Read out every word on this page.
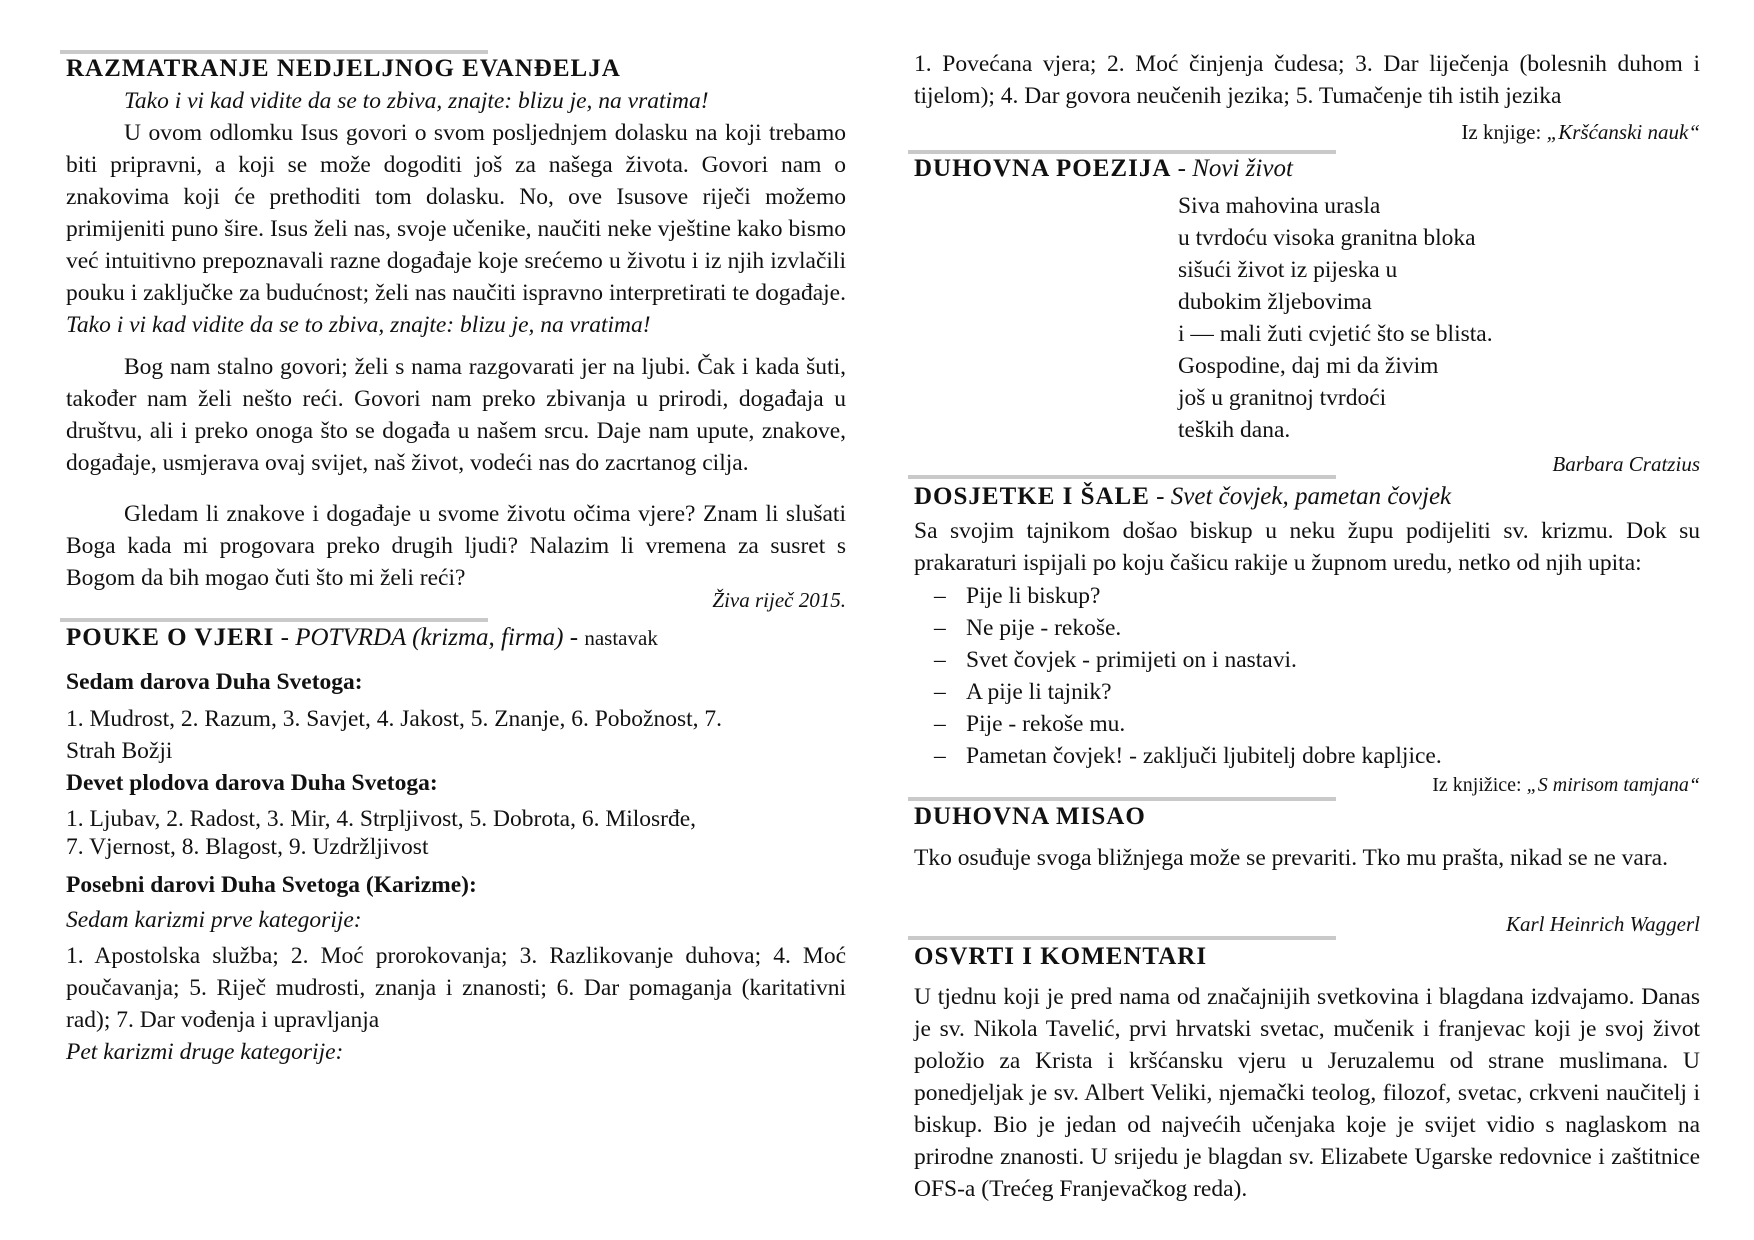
RAZMATRANJE NEDJELJNOG EVANĐELJA
Tako i vi kad vidite da se to zbiva, znajte: blizu je, na vratima!
U ovom odlomku Isus govori o svom posljednjem dolasku na koji trebamo biti pripravni, a koji se može dogoditi još za našega života. Govori nam o znakovima koji će prethoditi tom dolasku. No, ove Isusove riječi možemo primijeniti puno šire. Isus želi nas, svoje učenike, naučiti neke vještine kako bismo već intuitivno prepoznavali razne događaje koje srećemo u životu i iz njih izvlačili pouku i zaključke za budućnost; želi nas naučiti ispravno interpretirati te događaje. Tako i vi kad vidite da se to zbiva, znajte: blizu je, na vratima!
Bog nam stalno govori; želi s nama razgovarati jer na ljubi. Čak i kada šuti, također nam želi nešto reći. Govori nam preko zbivanja u prirodi, događaja u društvu, ali i preko onoga što se događa u našem srcu. Daje nam upute, znakove, događaje, usmjerava ovaj svijet, naš život, vodeći nas do zacrtanog cilja.
Gledam li znakove i događaje u svome životu očima vjere? Znam li slušati Boga kada mi progovara preko drugih ljudi? Nalazim li vremena za susret s Bogom da bih mogao čuti što mi želi reći?
Živa riječ 2015.
POUKE O VJERI - POTVRDA (krizma, firma) - nastavak
Sedam darova Duha Svetoga:
1. Mudrost, 2. Razum, 3. Savjet, 4. Jakost, 5. Znanje, 6. Pobožnost, 7. Strah Božji
Devet plodova darova Duha Svetoga:
1. Ljubav, 2. Radost, 3. Mir, 4. Strpljivost, 5. Dobrota, 6. Milosrđe,
7. Vjernost, 8. Blagost, 9. Uzdržljivost
Posebni darovi Duha Svetoga (Karizme):
Sedam karizmi prve kategorije:
1. Apostolska služba; 2. Moć prorokovanja; 3. Razlikovanje duhova; 4. Moć poučavanja; 5. Riječ mudrosti, znanja i znanosti; 6. Dar pomaganja (karitativni rad); 7. Dar vođenja i upravljanja
Pet karizmi druge kategorije:
1. Povećana vjera; 2. Moć činjenja čudesa; 3. Dar liječenja (bolesnih duhom i tijelom); 4. Dar govora neučenih jezika; 5. Tumačenje tih istih jezika
Iz knjige: „Kršćanski nauk“
DUHOVNA POEZIJA - Novi život
Siva mahovina urasla
u tvrdoću visoka granitna bloka
sišući život iz pijeska u
dubokim žljebovima
i — mali žuti cvjetić što se blista.
Gospodine, daj mi da živim
još u granitnoj tvrdoći
teških dana.
Barbara Cratzius
DOSJETKE I ŠALE - Svet čovjek, pametan čovjek
Sa svojim tajnikom došao biskup u neku župu podijeliti sv. krizmu. Dok su prakaraturi ispijali po koju čašicu rakije u župnom uredu, netko od njih upita:
– Pije li biskup?
– Ne pije - rekoše.
– Svet čovjek - primijeti on i nastavi.
– A pije li tajnik?
– Pije - rekoše mu.
– Pametan čovjek! - zaključi ljubitelj dobre kapljice.
Iz knjižice: „S mirisom tamjana“
DUHOVNA MISAO
Tko osuđuje svoga bližnjega može se prevariti. Tko mu prašta, nikad se ne vara.
Karl Heinrich Waggerl
OSVRTI I KOMENTARI
U tjednu koji je pred nama od značajnijih svetkovina i blagdana izdvajamo. Danas je sv. Nikola Tavelić, prvi hrvatski svetac, mučenik i franjevac koji je svoj život položio za Krista i kršćansku vjeru u Jeruzalemu od strane muslimana. U ponedjeljak je sv. Albert Veliki, njemački teolog, filozof, svetac, crkveni naučitelj i biskup. Bio je jedan od najvećih učenjaka koje je svijet vidio s naglaskom na prirodne znanosti. U srijedu je blagdan sv. Elizabete Ugarske redovnice i zaštitnice OFS-a (Trećeg Franjevačkog reda).
